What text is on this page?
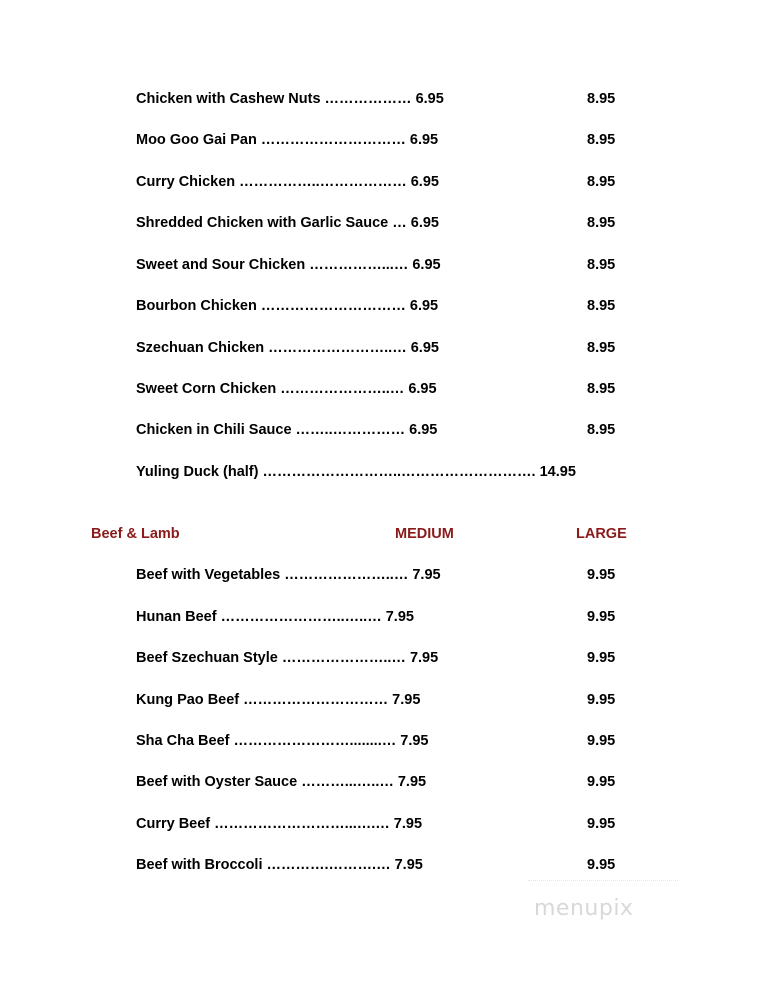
Chicken with Cashew Nuts ……………… 6.95	8.95
Moo Goo Gai Pan ………………………… 6.95	8.95
Curry Chicken ……………..……………… 6.95	8.95
Shredded Chicken with Garlic Sauce … 6.95	8.95
Sweet and Sour Chicken ……………...… 6.95	8.95
Bourbon Chicken ………………………… 6.95	8.95
Szechuan Chicken ……………………..… 6.95	8.95
Sweet Corn Chicken …………………..… 6.95	8.95
Chicken in Chili Sauce ……..…………… 6.95	8.95
Yuling Duck (half) ………………………..………………………. 14.95
Beef & Lamb	MEDIUM	LARGE
Beef with Vegetables …………………..… 7.95	9.95
Hunan Beef ……………………..…..… 7.95	9.95
Beef Szechuan Style …………………..… 7.95	9.95
Kung Pao Beef ………………………… 7.95	9.95
Sha Cha Beef ……………………........… 7.95	9.95
Beef with Oyster Sauce ………...…..… 7.95	9.95
Curry Beef ………………………...….… 7.95	9.95
Beef with Broccoli ………….……….… 7.95	9.95
menupix
